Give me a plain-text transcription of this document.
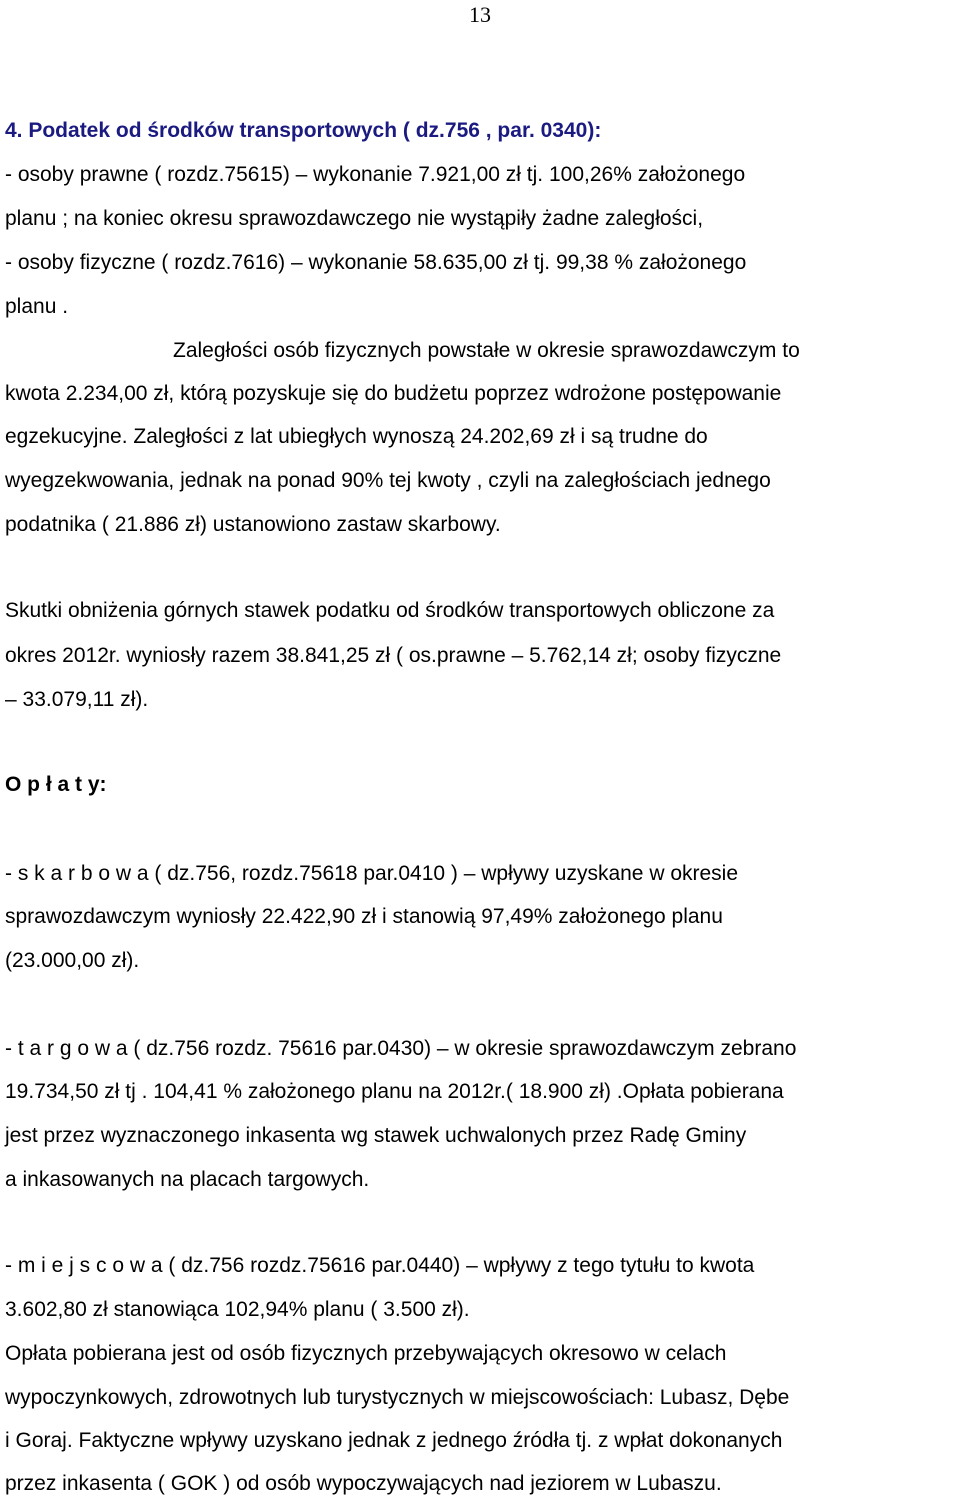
13
4. Podatek od środków transportowych ( dz.756 , par. 0340):
- osoby prawne ( rozdz.75615) – wykonanie 7.921,00 zł tj. 100,26% założonego
planu ; na koniec okresu sprawozdawczego nie wystąpiły żadne zaległości,
- osoby fizyczne ( rozdz.7616) – wykonanie 58.635,00 zł tj. 99,38 % założonego
planu .
Zaległości osób fizycznych powstałe w okresie sprawozdawczym to
kwota 2.234,00 zł, którą pozyskuje się do budżetu poprzez wdrożone postępowanie
egzekucyjne. Zaległości z lat ubiegłych wynoszą 24.202,69 zł i są trudne do
wyegzekwowania, jednak na ponad 90% tej kwoty , czyli na zaległościach jednego
podatnika ( 21.886 zł) ustanowiono zastaw skarbowy.
Skutki obniżenia górnych stawek podatku od środków transportowych obliczone za
okres 2012r. wyniosły razem 38.841,25 zł ( os.prawne – 5.762,14 zł; osoby fizyczne
– 33.079,11 zł).
O p ł a t y:
- s k a r b o w a ( dz.756, rozdz.75618 par.0410 ) – wpływy uzyskane w okresie
sprawozdawczym wyniosły 22.422,90 zł i stanowią 97,49% założonego planu
(23.000,00 zł).
- t a r g o w a ( dz.756 rozdz. 75616 par.0430) – w okresie sprawozdawczym zebrano
19.734,50 zł tj . 104,41 % założonego planu na 2012r.( 18.900 zł) .Opłata pobierana
jest przez wyznaczonego inkasenta wg stawek uchwalonych przez Radę Gminy
a inkasowanych na placach targowych.
- m i e j s c o w a ( dz.756 rozdz.75616 par.0440) – wpływy z tego tytułu to kwota
3.602,80 zł stanowiąca 102,94% planu ( 3.500 zł).
Opłata pobierana jest od osób fizycznych przebywających okresowo w celach
wypoczynkowych, zdrowotnych lub turystycznych w miejscowościach: Lubasz, Dębe
i Goraj. Faktyczne wpływy uzyskano jednak z jednego źródła tj. z wpłat dokonanych
przez inkasenta ( GOK ) od osób wypoczywających nad jeziorem w Lubaszu.
